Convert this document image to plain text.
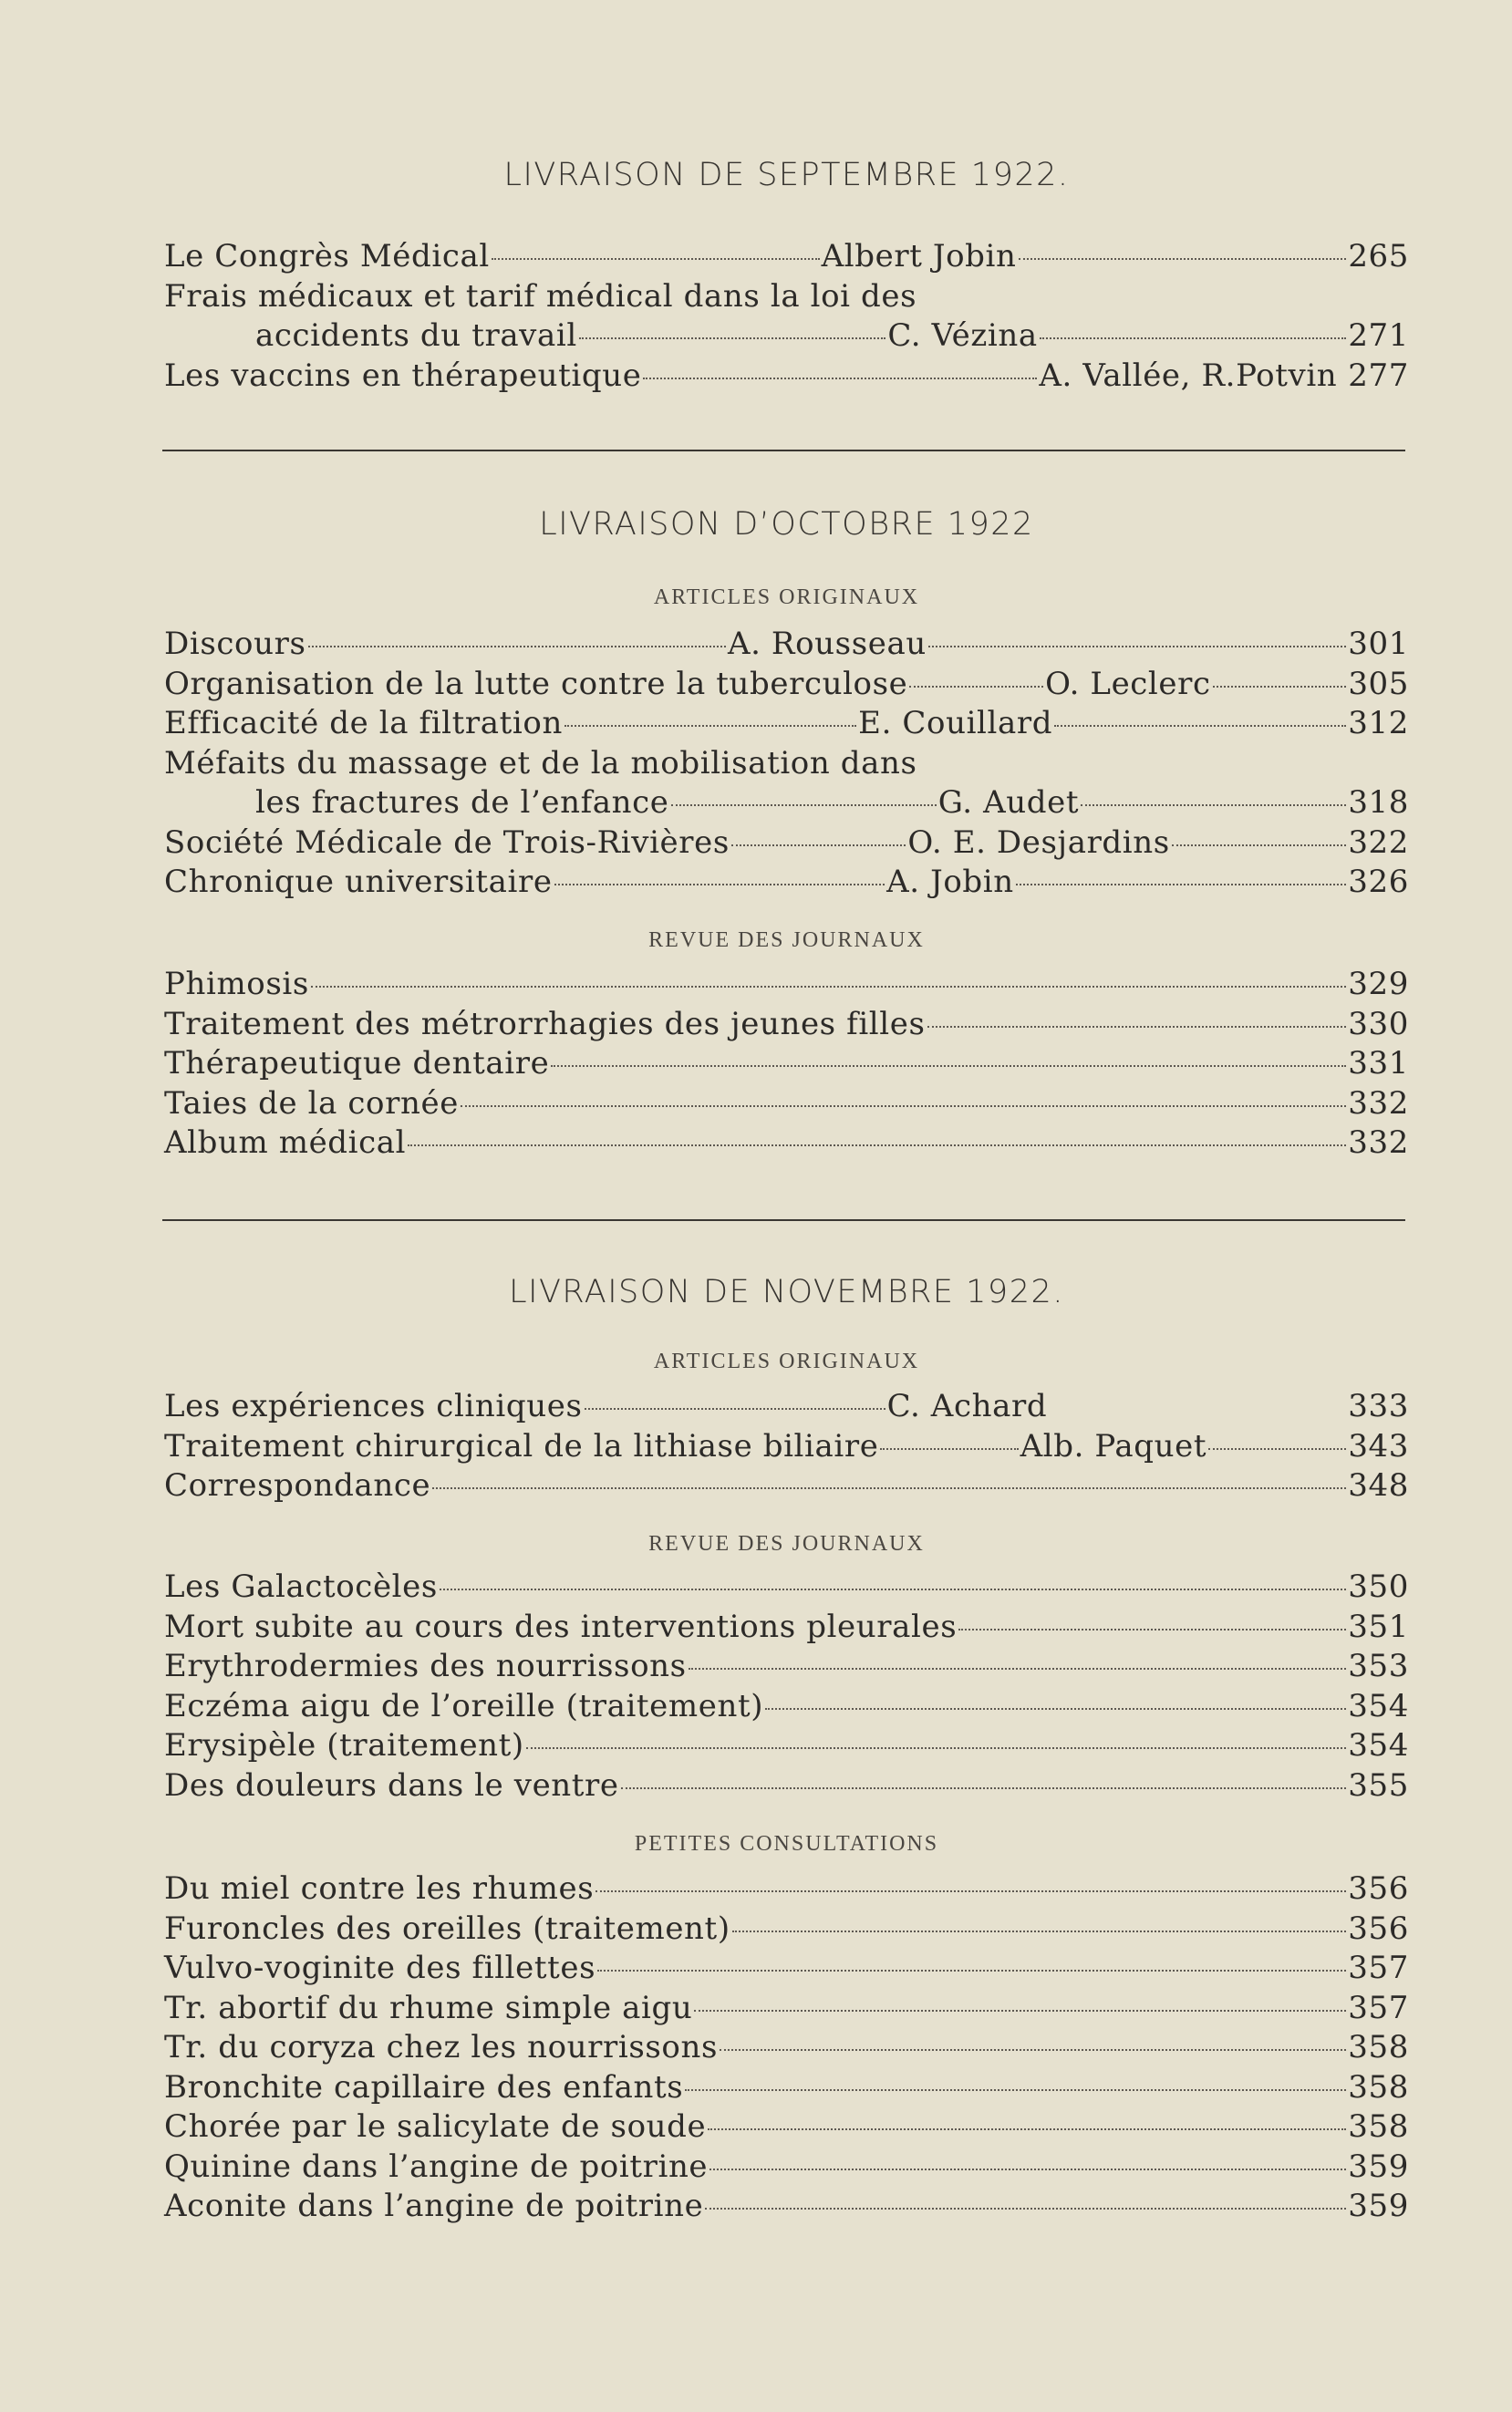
LIVRAISON DE SEPTEMBRE 1922.

Le Congrès Médical	Albert Jobin	265
Frais médicaux et tarif médical dans la loi des
accidents du travail	C. Vézina	271
Les vaccins en thérapeutique	A. Vallée, R.Potvin 277

LIVRAISON D’OCTOBRE 1922

ARTICLES ORIGINAUX

Discours	A. Rousseau	301
Organisation de la lutte contre la tuberculose	O. Leclerc	305
Efficacité de la filtration	E. Couillard	312
Méfaits du massage et de la mobilisation dans
les fractures de l’enfance	G. Audet	318
Société Médicale de Trois-Rivières	O. E. Desjardins	322
Chronique universitaire	A. Jobin	326

REVUE DES JOURNAUX

Phimosis	329
Traitement des métrorrhagies des jeunes filles	330
Thérapeutique dentaire	331
Taies de la cornée	332
Album médical	332

LIVRAISON DE NOVEMBRE 1922.

ARTICLES ORIGINAUX

Les expériences cliniques	C. Achard	333
Traitement chirurgical de la lithiase biliaire	Alb. Paquet	343
Correspondance	348

REVUE DES JOURNAUX

Les Galactocèles	350
Mort subite au cours des interventions pleurales	351
Erythrodermies des nourrissons	353
Eczéma aigu de l’oreille (traitement)	354
Erysipèle (traitement)	354
Des douleurs dans le ventre	355

PETITES CONSULTATIONS

Du miel contre les rhumes	356
Furoncles des oreilles (traitement)	356
Vulvo-voginite des fillettes	357
Tr. abortif du rhume simple aigu	357
Tr. du coryza chez les nourrissons	358
Bronchite capillaire des enfants	358
Chorée par le salicylate de soude	358
Quinine dans l’angine de poitrine	359
Aconite dans l’angine de poitrine	359
